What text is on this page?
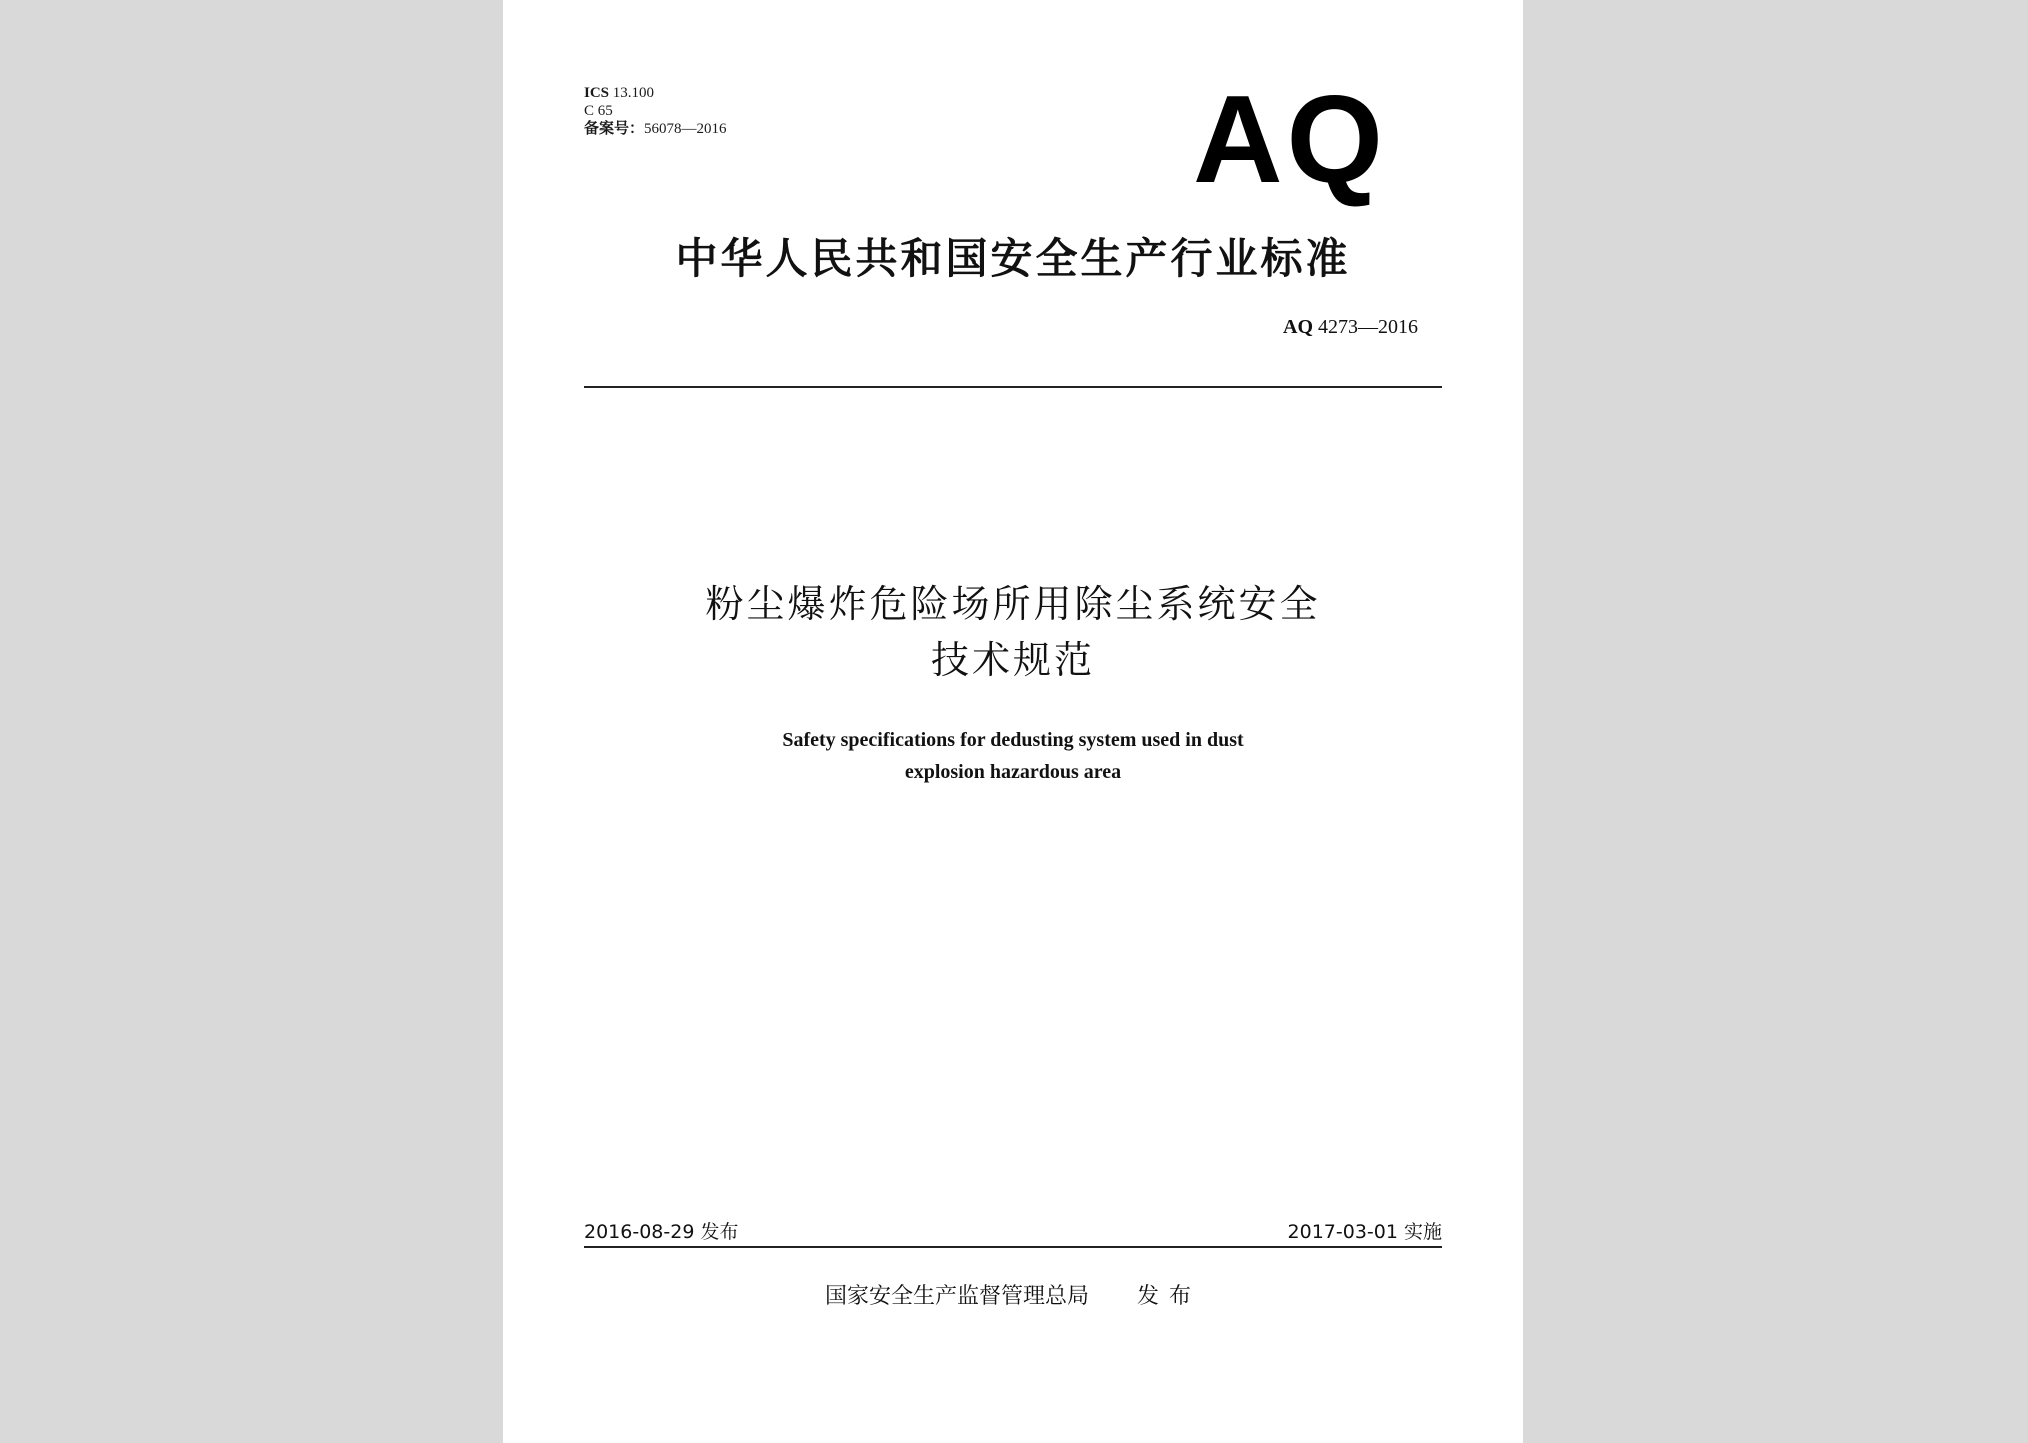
ICS 13.100
C 65
备案号：56078—2016	AQ
中华人民共和国安全生产行业标准
AQ 4273—2016
粉尘爆炸危险场所用除尘系统安全
技术规范
Safety specifications for dedusting system used in dust
explosion hazardous area
2016-08-29 发布	2017-03-01 实施
国家安全生产监督管理总局 发布
